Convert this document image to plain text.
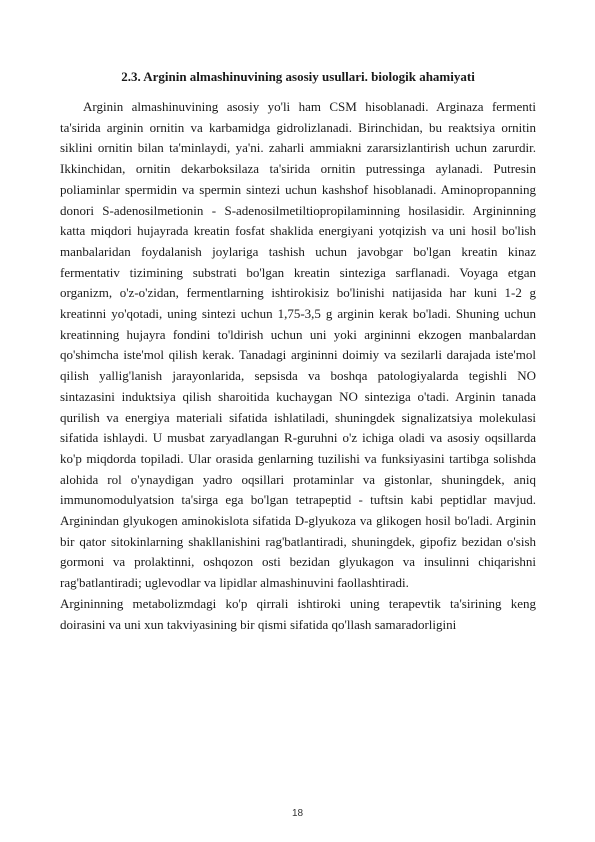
2.3. Arginin almashinuvining asosiy usullari. biologik ahamiyati

Arginin almashinuvining asosiy yo'li ham CSM hisoblanadi. Arginaza fermenti ta'sirida arginin ornitin va karbamidga gidrolizlanadi. Birinchidan, bu reaktsiya ornitin siklini ornitin bilan ta'minlaydi, ya'ni. zaharli ammiakni zararsizlantirish uchun zarurdir. Ikkinchidan, ornitin dekarboksilaza ta'sirida ornitin putressinga aylanadi. Putresin poliaminlar spermidin va spermin sintezi uchun kashshof hisoblanadi. Aminopropanning donori S-adenosilmetionin - S-adenosilmetiltiopropilaminning hosilasidir. Argininning katta miqdori hujayrada kreatin fosfat shaklida energiyani yotqizish va uni hosil bo'lish manbalaridan foydalanish joylariga tashish uchun javobgar bo'lgan kreatin kinaz fermentativ tizimining substrati bo'lgan kreatin sinteziga sarflanadi. Voyaga etgan organizm, o'z-o'zidan, fermentlarning ishtirokisiz bo'linishi natijasida har kuni 1-2 g kreatinni yo'qotadi, uning sintezi uchun 1,75-3,5 g arginin kerak bo'ladi. Shuning uchun kreatinning hujayra fondini to'ldirish uchun uni yoki argininni ekzogen manbalardan qo'shimcha iste'mol qilish kerak. Tanadagi argininni doimiy va sezilarli darajada iste'mol qilish yallig'lanish jarayonlarida, sepsisda va boshqa patologiyalarda tegishli NO sintazasini induktsiya qilish sharoitida kuchaygan NO sinteziga o'tadi. Arginin tanada qurilish va energiya materiali sifatida ishlatiladi, shuningdek signalizatsiya molekulasi sifatida ishlaydi. U musbat zaryadlangan R-guruhni o'z ichiga oladi va asosiy oqsillarda ko'p miqdorda topiladi. Ular orasida genlarning tuzilishi va funksiyasini tartibga solishda alohida rol o'ynaydigan yadro oqsillari protaminlar va gistonlar, shuningdek, aniq immunomodulyatsion ta'sirga ega bo'lgan tetrapeptid - tuftsin kabi peptidlar mavjud. Arginindan glyukogen aminokislota sifatida D-glyukoza va glikogen hosil bo'ladi. Arginin bir qator sitokinlarning shakllanishini rag'batlantiradi, shuningdek, gipofiz bezidan o'sish gormoni va prolaktinni, oshqozon osti bezidan glyukagon va insulinni chiqarishni rag'batlantiradi; uglevodlar va lipidlar almashinuvini faollashtiradi.

Argininning metabolizmdagi ko'p qirrali ishtiroki uning terapevtik ta'sirining keng doirasini va uni xun takviyasining bir qismi sifatida qo'llash samaradorligini

18
